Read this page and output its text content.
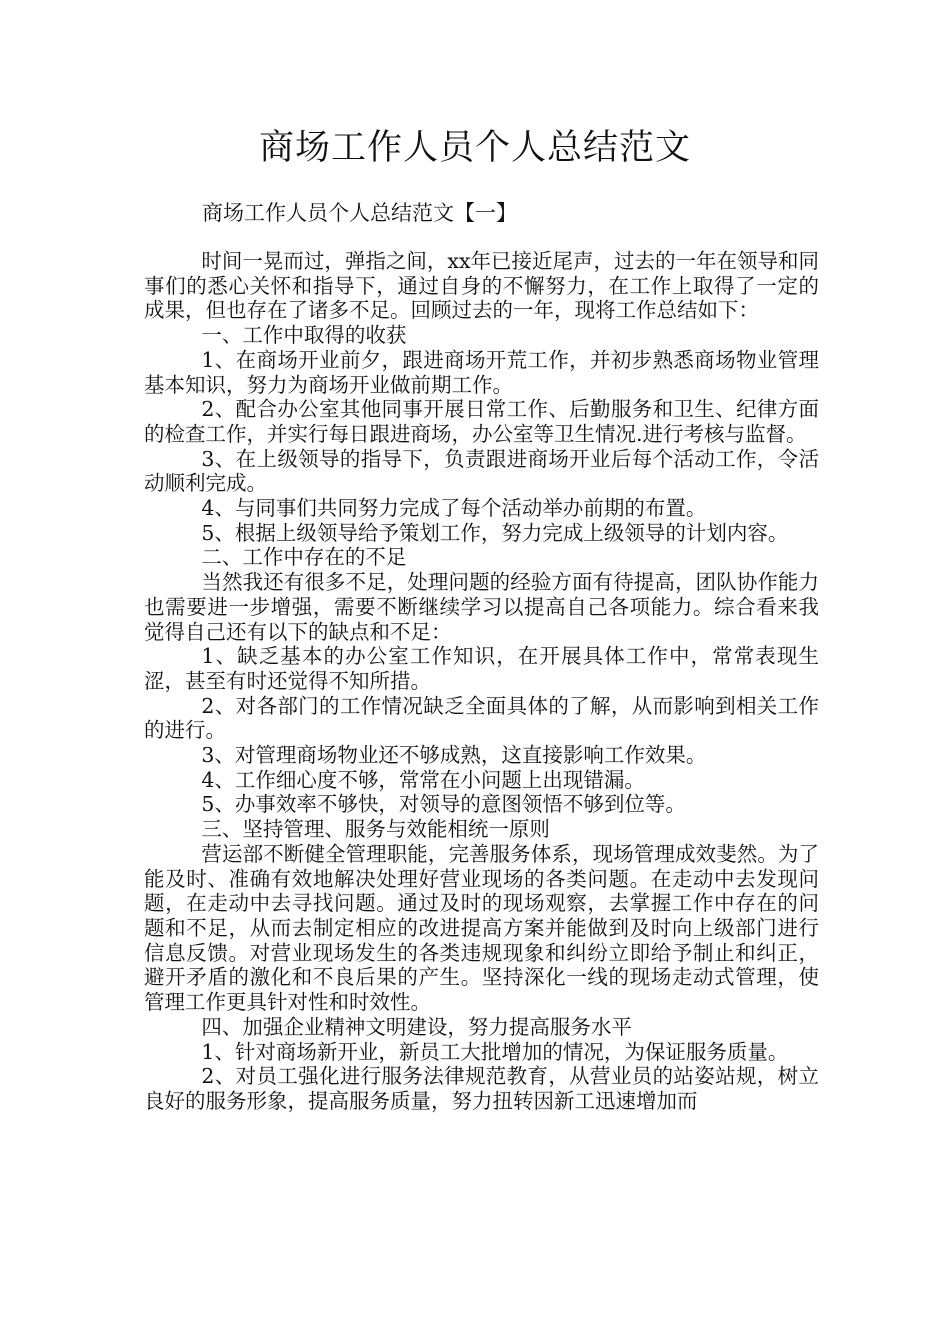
商场工作人员个人总结范文
商场工作人员个人总结范文【一】

时间一晃而过，弹指之间，xx年已接近尾声，过去的一年在领导和同事们的悉心关怀和指导下，通过自身的不懈努力，在工作上取得了一定的成果，但也存在了诸多不足。回顾过去的一年，现将工作总结如下：

一、工作中取得的收获

1、在商场开业前夕，跟进商场开荒工作，并初步熟悉商场物业管理基本知识，努力为商场开业做前期工作。

2、配合办公室其他同事开展日常工作、后勤服务和卫生、纪律方面的检查工作，并实行每日跟进商场，办公室等卫生情况.进行考核与监督。

3、在上级领导的指导下，负责跟进商场开业后每个活动工作，令活动顺利完成。

4、与同事们共同努力完成了每个活动举办前期的布置。

5、根据上级领导给予策划工作，努力完成上级领导的计划内容。

二、工作中存在的不足

当然我还有很多不足，处理问题的经验方面有待提高，团队协作能力也需要进一步增强，需要不断继续学习以提高自己各项能力。综合看来我觉得自己还有以下的缺点和不足：

1、缺乏基本的办公室工作知识，在开展具体工作中，常常表现生涩，甚至有时还觉得不知所措。

2、对各部门的工作情况缺乏全面具体的了解，从而影响到相关工作的进行。

3、对管理商场物业还不够成熟，这直接影响工作效果。

4、工作细心度不够，常常在小问题上出现错漏。

5、办事效率不够快，对领导的意图领悟不够到位等。

三、坚持管理、服务与效能相统一原则

营运部不断健全管理职能，完善服务体系，现场管理成效斐然。为了能及时、准确有效地解决处理好营业现场的各类问题。在走动中去发现问题，在走动中去寻找问题。通过及时的现场观察，去掌握工作中存在的问题和不足，从而去制定相应的改进提高方案并能做到及时向上级部门进行信息反馈。对营业现场发生的各类违规现象和纠纷立即给予制止和纠正，避开矛盾的激化和不良后果的产生。坚持深化一线的现场走动式管理，使管理工作更具针对性和时效性。

四、加强企业精神文明建设，努力提高服务水平

1、针对商场新开业，新员工大批增加的情况，为保证服务质量。

2、对员工强化进行服务法律规范教育，从营业员的站姿站规，树立良好的服务形象，提高服务质量，努力扭转因新工迅速增加而
